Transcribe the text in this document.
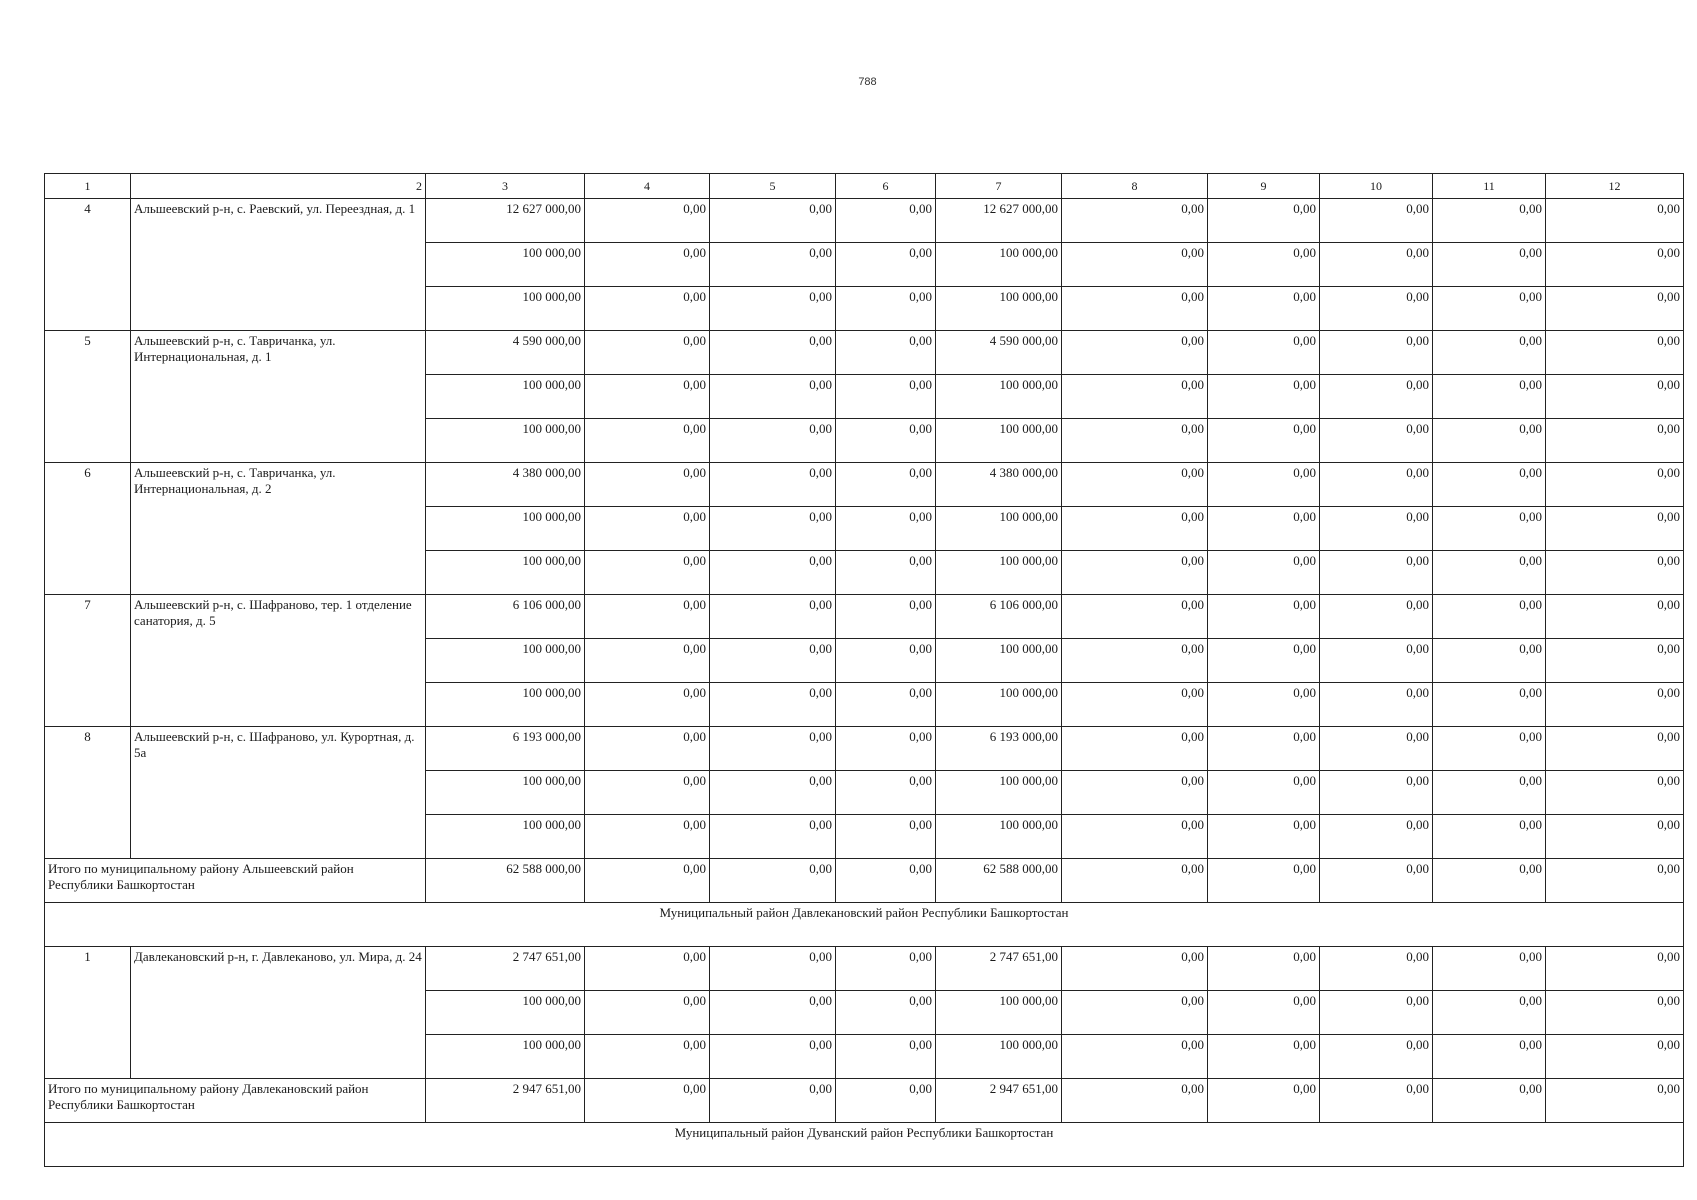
788
1	2	3	4	5	6	7	8	9	10	11	12
4	Альшеевский р-н, с. Раевский, ул. Переездная, д. 1	12 627 000,00	0,00	0,00	0,00	12 627 000,00	0,00	0,00	0,00	0,00	0,00
		100 000,00	0,00	0,00	0,00	100 000,00	0,00	0,00	0,00	0,00	0,00
		100 000,00	0,00	0,00	0,00	100 000,00	0,00	0,00	0,00	0,00	0,00
5	Альшеевский р-н, с. Тавричанка, ул. Интернациональная, д. 1	4 590 000,00	0,00	0,00	0,00	4 590 000,00	0,00	0,00	0,00	0,00	0,00
		100 000,00	0,00	0,00	0,00	100 000,00	0,00	0,00	0,00	0,00	0,00
		100 000,00	0,00	0,00	0,00	100 000,00	0,00	0,00	0,00	0,00	0,00
6	Альшеевский р-н, с. Тавричанка, ул. Интернациональная, д. 2	4 380 000,00	0,00	0,00	0,00	4 380 000,00	0,00	0,00	0,00	0,00	0,00
		100 000,00	0,00	0,00	0,00	100 000,00	0,00	0,00	0,00	0,00	0,00
		100 000,00	0,00	0,00	0,00	100 000,00	0,00	0,00	0,00	0,00	0,00
7	Альшеевский р-н, с. Шафраново, тер. 1 отделение санатория, д. 5	6 106 000,00	0,00	0,00	0,00	6 106 000,00	0,00	0,00	0,00	0,00	0,00
		100 000,00	0,00	0,00	0,00	100 000,00	0,00	0,00	0,00	0,00	0,00
		100 000,00	0,00	0,00	0,00	100 000,00	0,00	0,00	0,00	0,00	0,00
8	Альшеевский р-н, с. Шафраново, ул. Курортная, д. 5а	6 193 000,00	0,00	0,00	0,00	6 193 000,00	0,00	0,00	0,00	0,00	0,00
		100 000,00	0,00	0,00	0,00	100 000,00	0,00	0,00	0,00	0,00	0,00
		100 000,00	0,00	0,00	0,00	100 000,00	0,00	0,00	0,00	0,00	0,00
Итого по муниципальному району Альшеевский район Республики Башкортостан		62 588 000,00	0,00	0,00	0,00	62 588 000,00	0,00	0,00	0,00	0,00	0,00
Муниципальный район Давлекановский район Республики Башкортостан											
1	Давлекановский р-н, г. Давлеканово, ул. Мира, д. 24	2 747 651,00	0,00	0,00	0,00	2 747 651,00	0,00	0,00	0,00	0,00	0,00
		100 000,00	0,00	0,00	0,00	100 000,00	0,00	0,00	0,00	0,00	0,00
		100 000,00	0,00	0,00	0,00	100 000,00	0,00	0,00	0,00	0,00	0,00
Итого по муниципальному району Давлекановский район Республики Башкортостан		2 947 651,00	0,00	0,00	0,00	2 947 651,00	0,00	0,00	0,00	0,00	0,00
Муниципальный район Дуванский район Республики Башкортостан											
